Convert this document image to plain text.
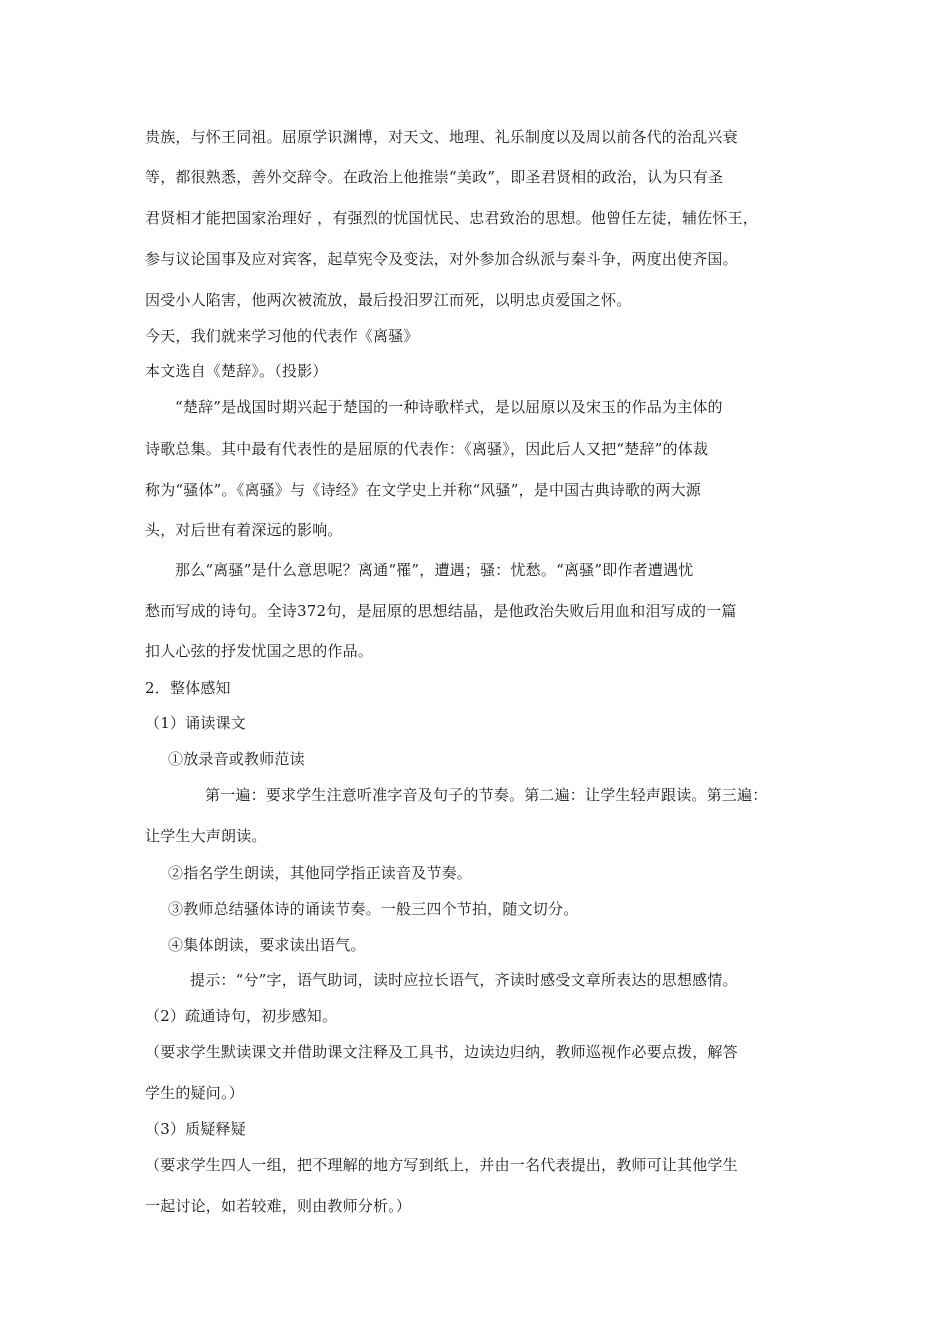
贵族，与怀王同祖。屈原学识渊博，对天文、地理、礼乐制度以及周以前各代的治乱兴衰
等，都很熟悉，善外交辞令。在政治上他推崇“美政”，即圣君贤相的政治，认为只有圣
君贤相才能把国家治理好 ，有强烈的忧国忧民、忠君致治的思想。他曾任左徒，辅佐怀王，
参与议论国事及应对宾客，起草宪令及变法，对外参加合纵派与秦斗争，两度出使齐国。
因受小人陷害，他两次被流放，最后投汨罗江而死，以明忠贞爱国之怀。
今天，我们就来学习他的代表作《离骚》
本文选自《楚辞》。（投影）
“楚辞”是战国时期兴起于楚国的一种诗歌样式，是以屈原以及宋玉的作品为主体的
诗歌总集。其中最有代表性的是屈原的代表作：《离骚》，因此后人又把“楚辞”的体裁
称为“骚体”。《离骚》与《诗经》在文学史上并称“风骚”，是中国古典诗歌的两大源
头，对后世有着深远的影响。
那么“离骚”是什么意思呢？离通“罹”，遭遇；骚：忧愁。“离骚”即作者遭遇忧
愁而写成的诗句。全诗372句，是屈原的思想结晶，是他政治失败后用血和泪写成的一篇
扣人心弦的抒发忧国之思的作品。
2．整体感知
（1）诵读课文
①放录音或教师范读
第一遍：要求学生注意听准字音及句子的节奏。第二遍：让学生轻声跟读。第三遍：
让学生大声朗读。
②指名学生朗读，其他同学指正读音及节奏。
③教师总结骚体诗的诵读节奏。一般三四个节拍，随文切分。
④集体朗读，要求读出语气。
提示：“兮”字，语气助词，读时应拉长语气，齐读时感受文章所表达的思想感情。
（2）疏通诗句，初步感知。
（要求学生默读课文并借助课文注释及工具书，边读边归纳，教师巡视作必要点拨，解答
学生的疑问。）
（3）质疑释疑
（要求学生四人一组，把不理解的地方写到纸上，并由一名代表提出，教师可让其他学生
一起讨论，如若较难，则由教师分析。）
